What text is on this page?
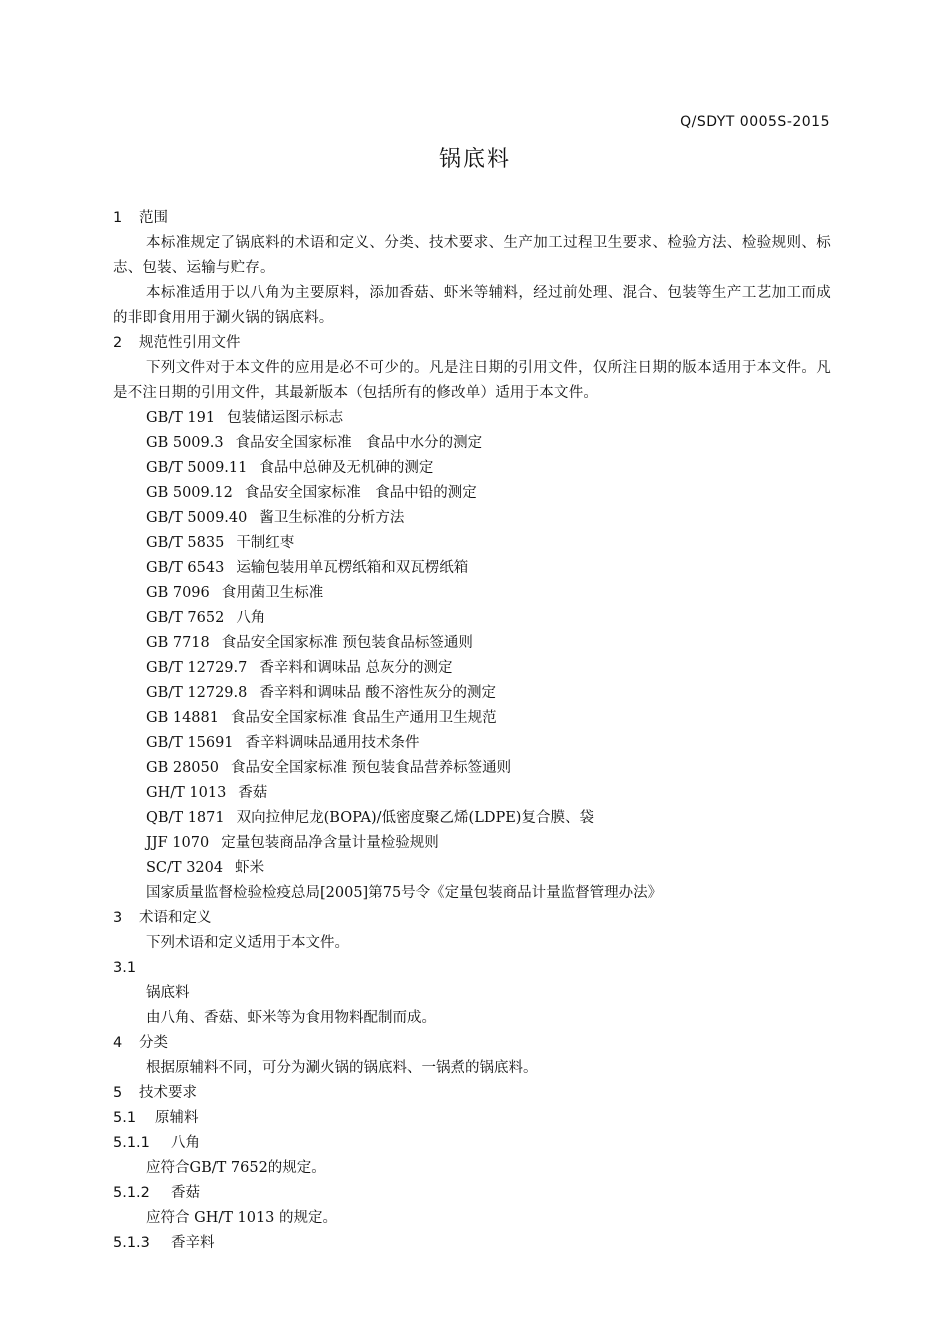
Q/SDYT 0005S-2015
锅底料
1 范围
本标准规定了锅底料的术语和定义、分类、技术要求、生产加工过程卫生要求、检验方法、检验规则、标志、包装、运输与贮存。
本标准适用于以八角为主要原料，添加香菇、虾米等辅料，经过前处理、混合、包装等生产工艺加工而成的非即食用用于涮火锅的锅底料。
2 规范性引用文件
下列文件对于本文件的应用是必不可少的。凡是注日期的引用文件，仅所注日期的版本适用于本文件。凡是不注日期的引用文件，其最新版本（包括所有的修改单）适用于本文件。
GB/T 191 包装储运图示标志
GB 5009.3 食品安全国家标准　食品中水分的测定
GB/T 5009.11 食品中总砷及无机砷的测定
GB 5009.12 食品安全国家标准　食品中铅的测定
GB/T 5009.40 酱卫生标准的分析方法
GB/T 5835 干制红枣
GB/T 6543 运输包装用单瓦楞纸箱和双瓦楞纸箱
GB 7096 食用菌卫生标准
GB/T 7652 八角
GB 7718 食品安全国家标准 预包装食品标签通则
GB/T 12729.7 香辛料和调味品 总灰分的测定
GB/T 12729.8 香辛料和调味品 酸不溶性灰分的测定
GB 14881 食品安全国家标准 食品生产通用卫生规范
GB/T 15691 香辛料调味品通用技术条件
GB 28050 食品安全国家标准 预包装食品营养标签通则
GH/T 1013 香菇
QB/T 1871 双向拉伸尼龙(BOPA)/低密度聚乙烯(LDPE)复合膜、袋
JJF 1070 定量包装商品净含量计量检验规则
SC/T 3204 虾米
国家质量监督检验检疫总局[2005]第75号令《定量包装商品计量监督管理办法》
3 术语和定义
下列术语和定义适用于本文件。
3.1
锅底料
由八角、香菇、虾米等为食用物料配制而成。
4 分类
根据原辅料不同，可分为涮火锅的锅底料、一锅煮的锅底料。
5 技术要求
5.1 原辅料
5.1.1 八角
应符合GB/T 7652的规定。
5.1.2 香菇
应符合 GH/T 1013 的规定。
5.1.3 香辛料
